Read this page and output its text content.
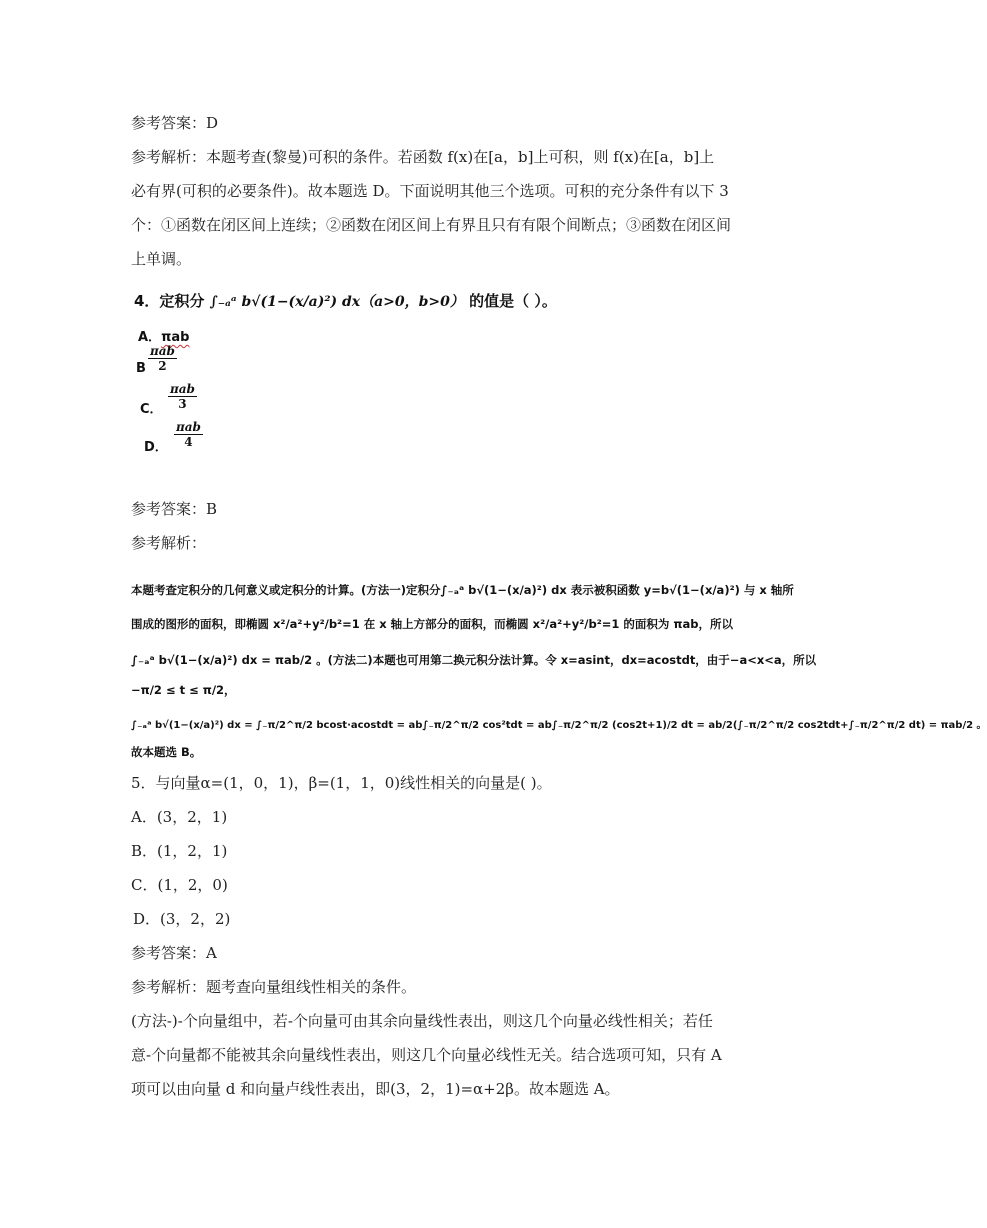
参考答案：D

参考解析：本题考查(黎曼)可积的条件。若函数 f(x)在[a，b]上可积，则 f(x)在[a，b]上

必有界(可积的必要条件)。故本题选 D。下面说明其他三个选项。可积的充分条件有以下 3

个：①函数在闭区间上连续；②函数在闭区间上有界且只有有限个间断点；③函数在闭区间

上单调。

4．定积分 ∫₋ₐᵃ b√(1−(x/a)²) dx（a>0，b>0） 的值是（ ）。
A．πab
B
πab
2
C．
πab
3
D．
πab
4

参考答案：B

参考解析：

本题考查定积分的几何意义或定积分的计算。(方法一)定积分∫₋ₐᵃ b√(1−(x/a)²) dx 表示被积函数 y=b√(1−(x/a)²) 与 x 轴所
围成的图形的面积，即椭圆 x²/a²+y²/b²=1 在 x 轴上方部分的面积，而椭圆 x²/a²+y²/b²=1 的面积为 πab，所以
∫₋ₐᵃ b√(1−(x/a)²) dx = πab/2 。(方法二)本题也可用第二换元积分法计算。令 x=asint，dx=acostdt，由于−a<x<a，所以
−π/2 ≤ t ≤ π/2，
∫₋ₐᵃ b√(1−(x/a)²) dx = ∫₋π/2^π/2 bcost·acostdt = ab∫₋π/2^π/2 cos²tdt = ab∫₋π/2^π/2 (cos2t+1)/2 dt = ab/2(∫₋π/2^π/2 cos2tdt+∫₋π/2^π/2 dt) = πab/2 。
故本题选 B。

5．与向量α=(1，0，1)，β=(1，1，0)线性相关的向量是( )。

A．(3，2，1)

B．(1，2，1)

C．(1，2，0)

D．(3，2，2)

参考答案：A

参考解析：题考查向量组线性相关的条件。

(方法-)-个向量组中，若-个向量可由其余向量线性表出，则这几个向量必线性相关；若任

意-个向量都不能被其余向量线性表出，则这几个向量必线性无关。结合选项可知，只有 A

项可以由向量 d 和向量卢线性表出，即(3，2，1)=α+2β。故本题选 A。
